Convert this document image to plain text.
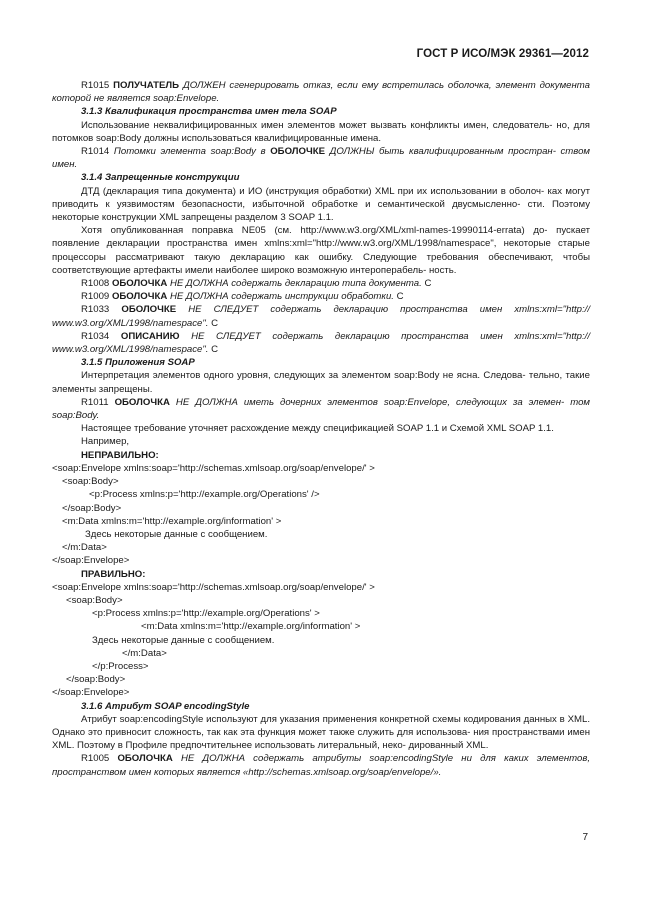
ГОСТ Р ИСО/МЭК 29361—2012

R1015 ПОЛУЧАТЕЛЬ ДОЛЖЕН сгенерировать отказ, если ему встретилась оболочка, элемент документа которой не является soap:Envelope.

3.1.3 Квалификация пространства имен тела SOAP

Использование неквалифицированных имен элементов может вызвать конфликты имен, следователь- но, для потомков soap:Body должны использоваться квалифицированные имена.

R1014 Потомки элемента soap:Body в ОБОЛОЧКЕ ДОЛЖНЫ быть квалифицированным простран- ством имен.

3.1.4 Запрещенные конструкции

ДТД (декларация типа документа) и ИО (инструкция обработки) XML при их использовании в оболоч- ках могут приводить к уязвимостям безопасности, избыточной обработке и семантической двусмысленно- сти. Поэтому некоторые конструкции XML запрещены разделом 3 SOAP 1.1.

Хотя опубликованная поправка NE05 (см. http://www.w3.org/XML/xml-names-19990114-errata) до- пускает появление декларации пространства имен xmlns:xml="http://www.w3.org/XML/1998/namespace", некоторые старые процессоры рассматривают такую декларацию как ошибку. Следующие требования обеспечивают, чтобы соответствующие артефакты имели наиболее широко возможную интероперабель- ность.

R1008 ОБОЛОЧКА НЕ ДОЛЖНА содержать декларацию типа документа. C

R1009 ОБОЛОЧКА НЕ ДОЛЖНА содержать инструкции обработки. C

R1033 ОБОЛОЧКЕ НЕ СЛЕДУЕТ содержать декларацию пространства имен xmlns:xml="http:// www.w3.org/XML/1998/namespace". C

R1034 ОПИСАНИЮ НЕ СЛЕДУЕТ содержать декларацию пространства имен xmlns:xml="http:// www.w3.org/XML/1998/namespace". C

3.1.5 Приложения SOAP

Интерпретация элементов одного уровня, следующих за элементом soap:Body не ясна. Следова- тельно, такие элементы запрещены.

R1011 ОБОЛОЧКА НЕ ДОЛЖНА иметь дочерних элементов soap:Envelope, следующих за элемен- том soap:Body.

Настоящее требование уточняет расхождение между спецификацией SOAP 1.1 и Схемой XML SOAP 1.1.

Например,

НЕПРАВИЛЬНО:

<soap:Envelope xmlns:soap='http://schemas.xmlsoap.org/soap/envelope/' >

<soap:Body>

<p:Process xmlns:p='http://example.org/Operations' />

</soap:Body>

<m:Data xmlns:m='http://example.org/information' >

Здесь некоторые данные с сообщением.

</m:Data>

</soap:Envelope>

ПРАВИЛЬНО:

<soap:Envelope xmlns:soap='http://schemas.xmlsoap.org/soap/envelope/' >

<soap:Body>

<p:Process xmlns:p='http://example.org/Operations' >

<m:Data xmlns:m='http://example.org/information' >

Здесь некоторые данные с сообщением.

</m:Data>

</p:Process>

</soap:Body>

</soap:Envelope>

3.1.6 Атрибут SOAP encodingStyle

Атрибут soap:encodingStyle используют для указания применения конкретной схемы кодирования данных в XML. Однако это привносит сложность, так как эта функция может также служить для использова- ния пространствами имен XML. Поэтому в Профиле предпочтительнее использовать литеральный, неко- дированный XML.

R1005 ОБОЛОЧКА НЕ ДОЛЖНА содержать атрибуты soap:encodingStyle ни для каких элементов, пространством имен которых является «http://schemas.xmlsoap.org/soap/envelope/».

7
